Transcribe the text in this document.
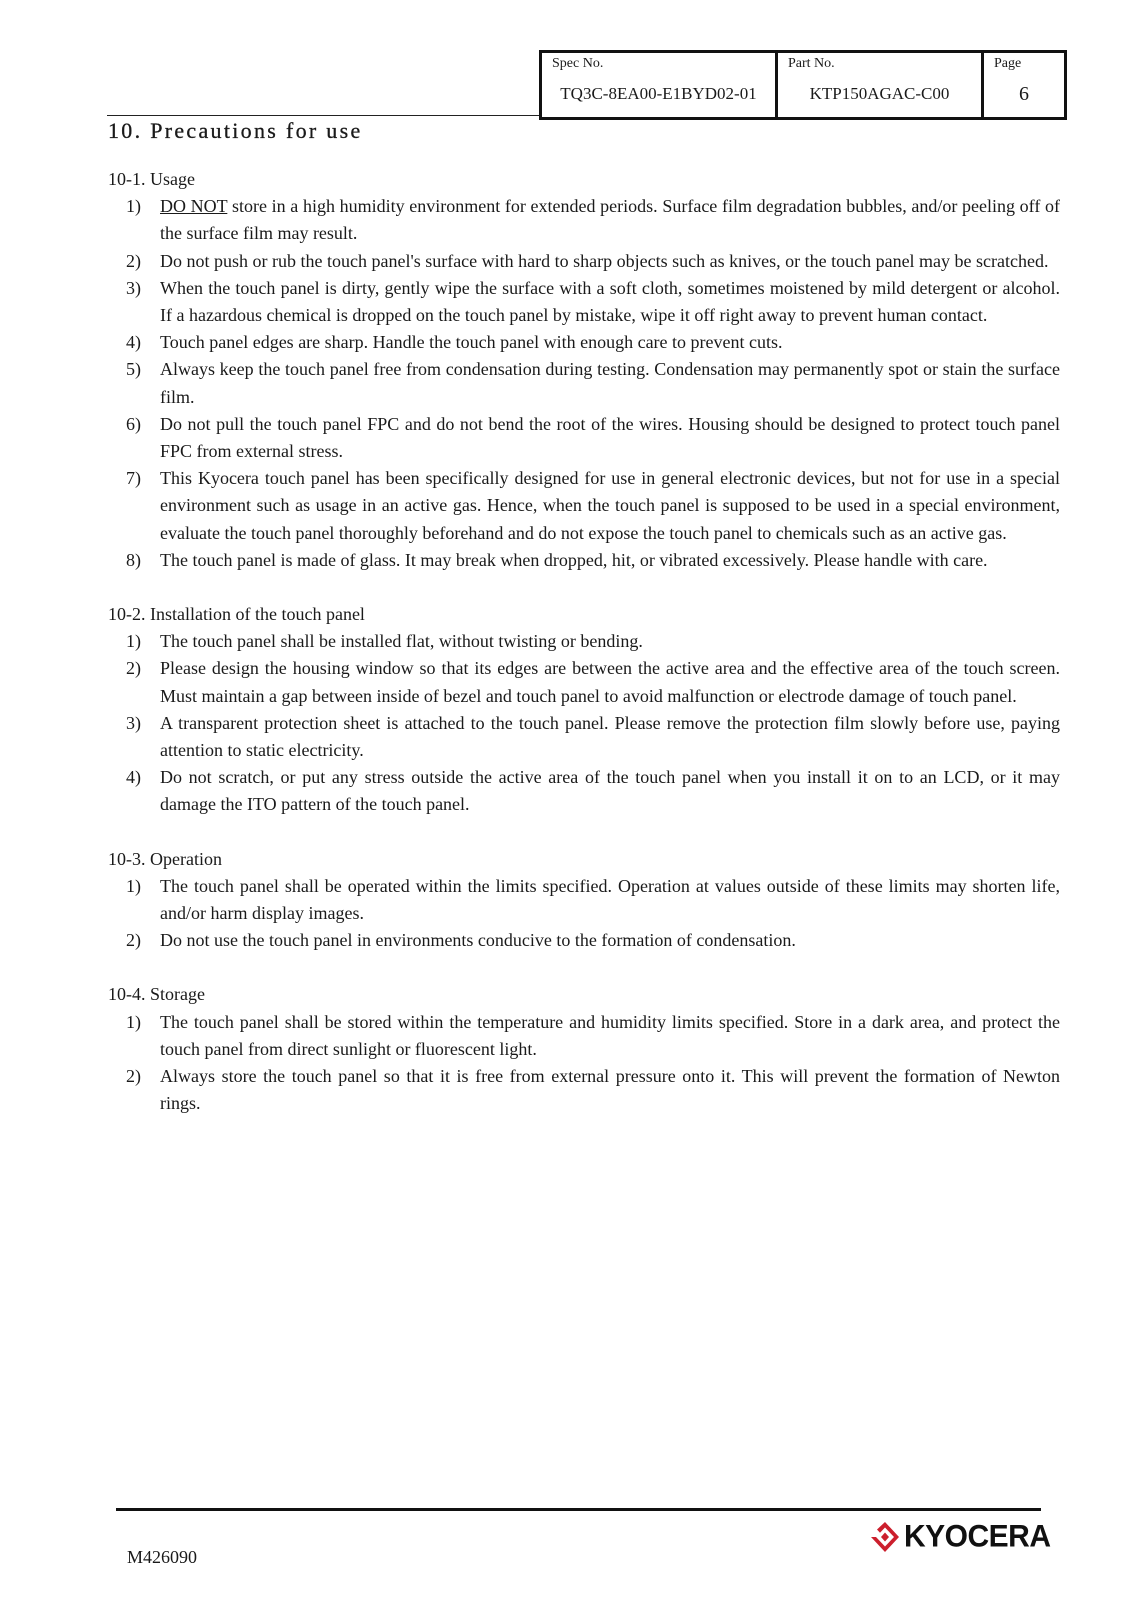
Spec No.
TQ3C-8EA00-E1BYD02-01

Part No.
KTP150AGAC-C00

Page
6
10. Precautions for use

10-1. Usage

1) DO NOT store in a high humidity environment for extended periods. Surface film degradation bubbles, and/or peeling off of the surface film may result.
2) Do not push or rub the touch panel's surface with hard to sharp objects such as knives, or the touch panel may be scratched.
3) When the touch panel is dirty, gently wipe the surface with a soft cloth, sometimes moistened by mild detergent or alcohol. If a hazardous chemical is dropped on the touch panel by mistake, wipe it off right away to prevent human contact.
4) Touch panel edges are sharp. Handle the touch panel with enough care to prevent cuts.
5) Always keep the touch panel free from condensation during testing. Condensation may permanently spot or stain the surface film.
6) Do not pull the touch panel FPC and do not bend the root of the wires. Housing should be designed to protect touch panel FPC from external stress.
7) This Kyocera touch panel has been specifically designed for use in general electronic devices, but not for use in a special environment such as usage in an active gas. Hence, when the touch panel is supposed to be used in a special environment, evaluate the touch panel thoroughly beforehand and do not expose the touch panel to chemicals such as an active gas.
8) The touch panel is made of glass. It may break when dropped, hit, or vibrated excessively. Please handle with care.

10-2. Installation of the touch panel

1) The touch panel shall be installed flat, without twisting or bending.
2) Please design the housing window so that its edges are between the active area and the effective area of the touch screen. Must maintain a gap between inside of bezel and touch panel to avoid malfunction or electrode damage of touch panel.
3) A transparent protection sheet is attached to the touch panel. Please remove the protection film slowly before use, paying attention to static electricity.
4) Do not scratch, or put any stress outside the active area of the touch panel when you install it on to an LCD, or it may damage the ITO pattern of the touch panel.

10-3. Operation

1) The touch panel shall be operated within the limits specified. Operation at values outside of these limits may shorten life, and/or harm display images.
2) Do not use the touch panel in environments conducive to the formation of condensation.

10-4. Storage

1) The touch panel shall be stored within the temperature and humidity limits specified. Store in a dark area, and protect the touch panel from direct sunlight or fluorescent light.
2) Always store the touch panel so that it is free from external pressure onto it. This will prevent the formation of Newton rings.
M426090
KYOCERA
